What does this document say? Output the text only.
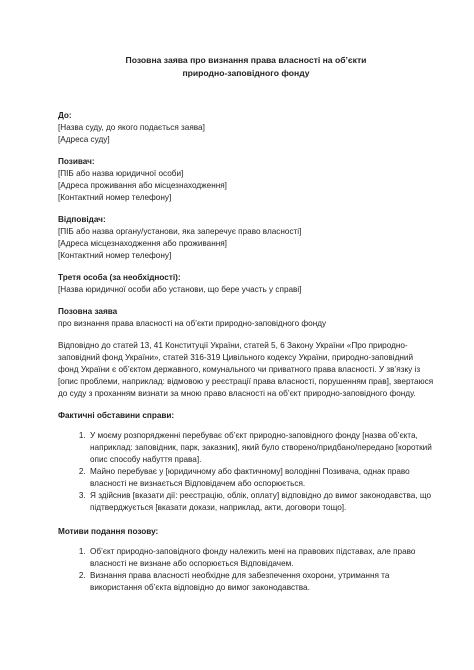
Позовна заява про визнання права власності на об’єкти
природно-заповідного фонду
До:
[Назва суду, до якого подається заява]
[Адреса суду]
Позивач:
[ПІБ або назва юридичної особи]
[Адреса проживання або місцезнаходження]
[Контактний номер телефону]
Відповідач:
[ПІБ або назва органу/установи, яка заперечує право власності]
[Адреса місцезнаходження або проживання]
[Контактний номер телефону]
Третя особа (за необхідності):
[Назва юридичної особи або установи, що бере участь у справі]
Позовна заява
про визнання права власності на об’єкти природно-заповідного фонду

Відповідно до статей 13, 41 Конституції України, статей 5, 6 Закону України «Про природно-заповідний фонд України», статей 316-319 Цивільного кодексу України, природно-заповідний фонд України є об’єктом державного, комунального чи приватного права власності. У зв’язку із [опис проблеми, наприклад: відмовою у реєстрації права власності, порушенням прав], звертаюся до суду з проханням визнати за мною право власності на об’єкт природно-заповідного фонду.

Фактичні обставини справи:
1. У моєму розпорядженні перебуває об’єкт природно-заповідного фонду [назва об’єкта, наприклад: заповідник, парк, заказник], який було створено/придбано/передано [короткий опис способу набуття права].
2. Майно перебуває у [юридичному або фактичному] володінні Позивача, однак право власності не визнається Відповідачем або оспорюється.
3. Я здійснив [вказати дії: реєстрацію, облік, оплату] відповідно до вимог законодавства, що підтверджується [вказати докази, наприклад, акти, договори тощо].
Мотиви подання позову:
1. Об’єкт природно-заповідного фонду належить мені на правових підставах, але право власності не визнане або оспорюється Відповідачем.
2. Визнання права власності необхідне для забезпечення охорони, утримання та використання об’єкта відповідно до вимог законодавства.
